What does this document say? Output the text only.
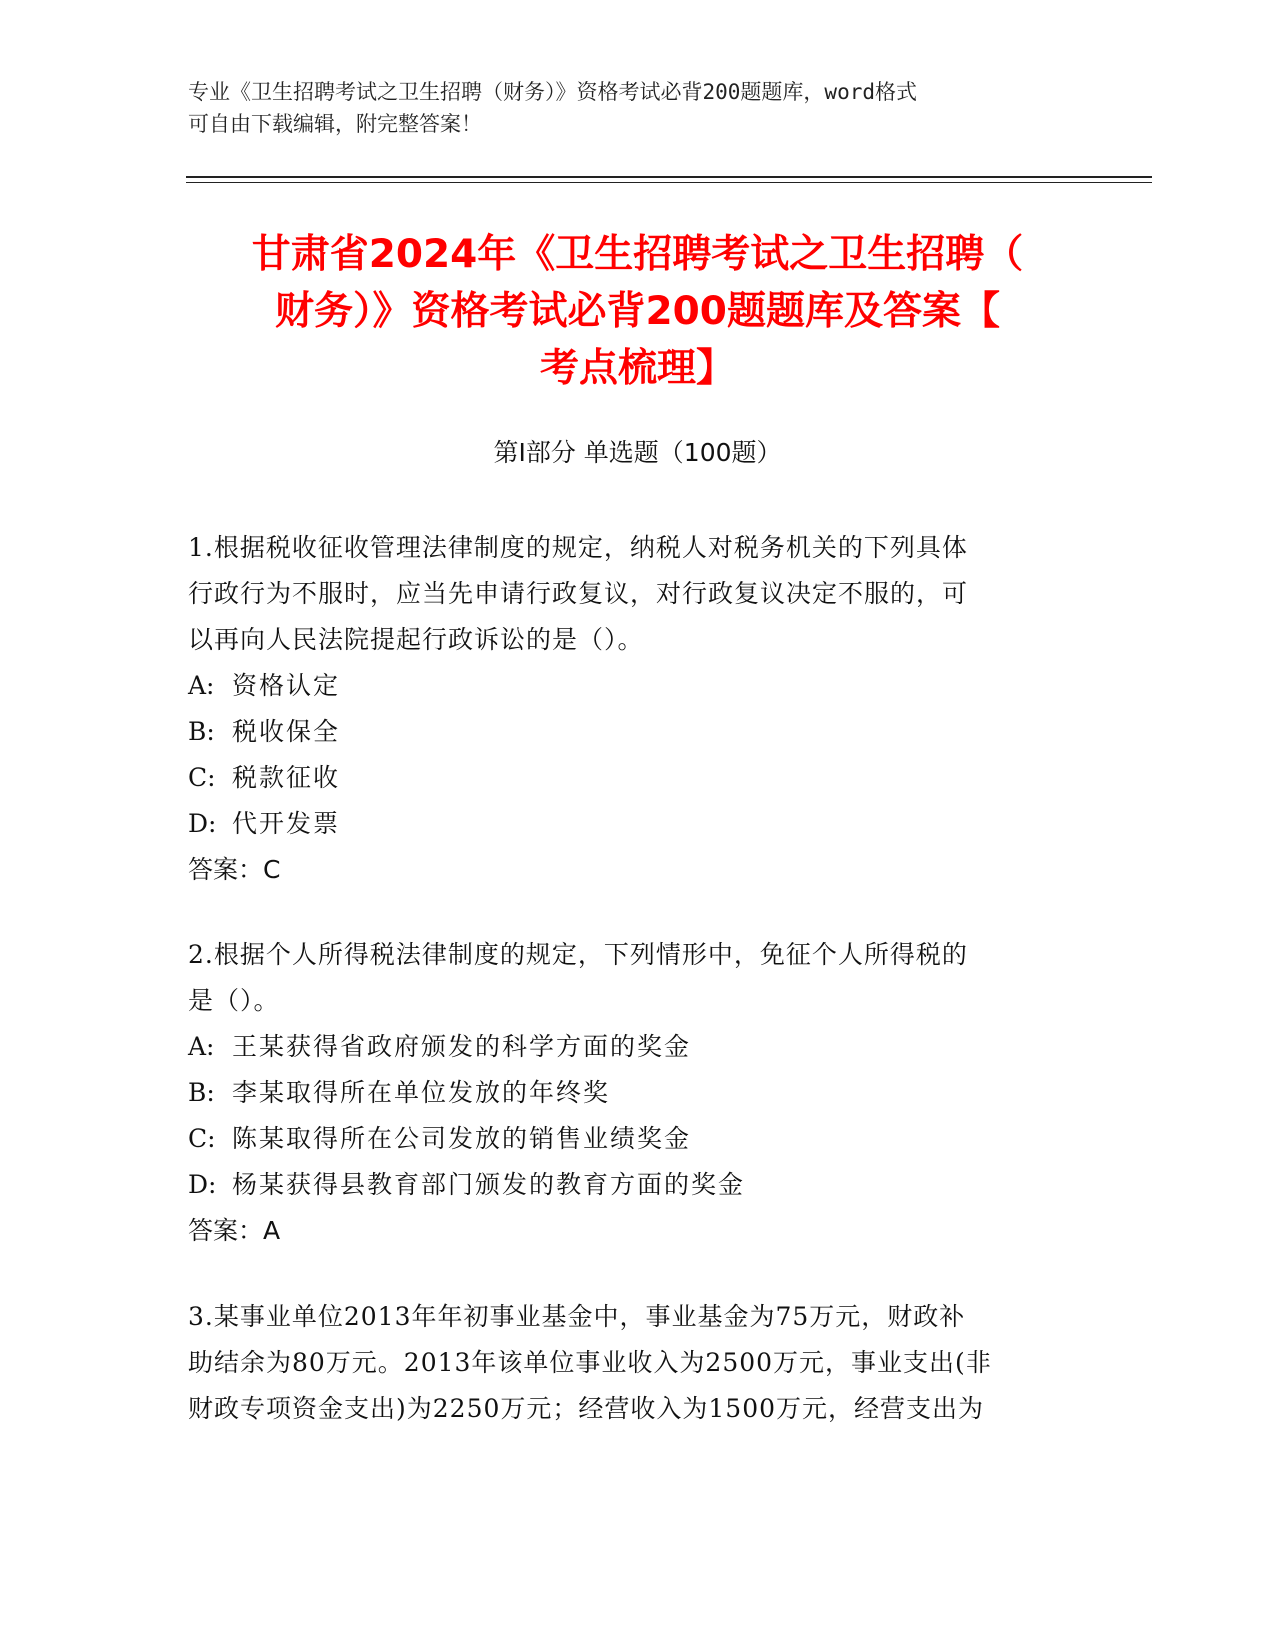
专业《卫生招聘考试之卫生招聘（财务）》资格考试必背200题题库，word格式
可自由下载编辑，附完整答案！
甘肃省2024年《卫生招聘考试之卫生招聘（
财务）》资格考试必背200题题库及答案【
考点梳理】
第Ⅰ部分 单选题（100题）
1.根据税收征收管理法律制度的规定，纳税人对税务机关的下列具体
行政行为不服时，应当先申请行政复议，对行政复议决定不服的，可
以再向人民法院提起行政诉讼的是（）。
A: 资格认定
B: 税收保全
C: 税款征收
D: 代开发票
答案：C
2.根据个人所得税法律制度的规定，下列情形中，免征个人所得税的
是（）。
A: 王某获得省政府颁发的科学方面的奖金
B: 李某取得所在单位发放的年终奖
C: 陈某取得所在公司发放的销售业绩奖金
D: 杨某获得县教育部门颁发的教育方面的奖金
答案：A
3.某事业单位2013年年初事业基金中，事业基金为75万元，财政补
助结余为80万元。2013年该单位事业收入为2500万元，事业支出(非
财政专项资金支出)为2250万元；经营收入为1500万元，经营支出为
